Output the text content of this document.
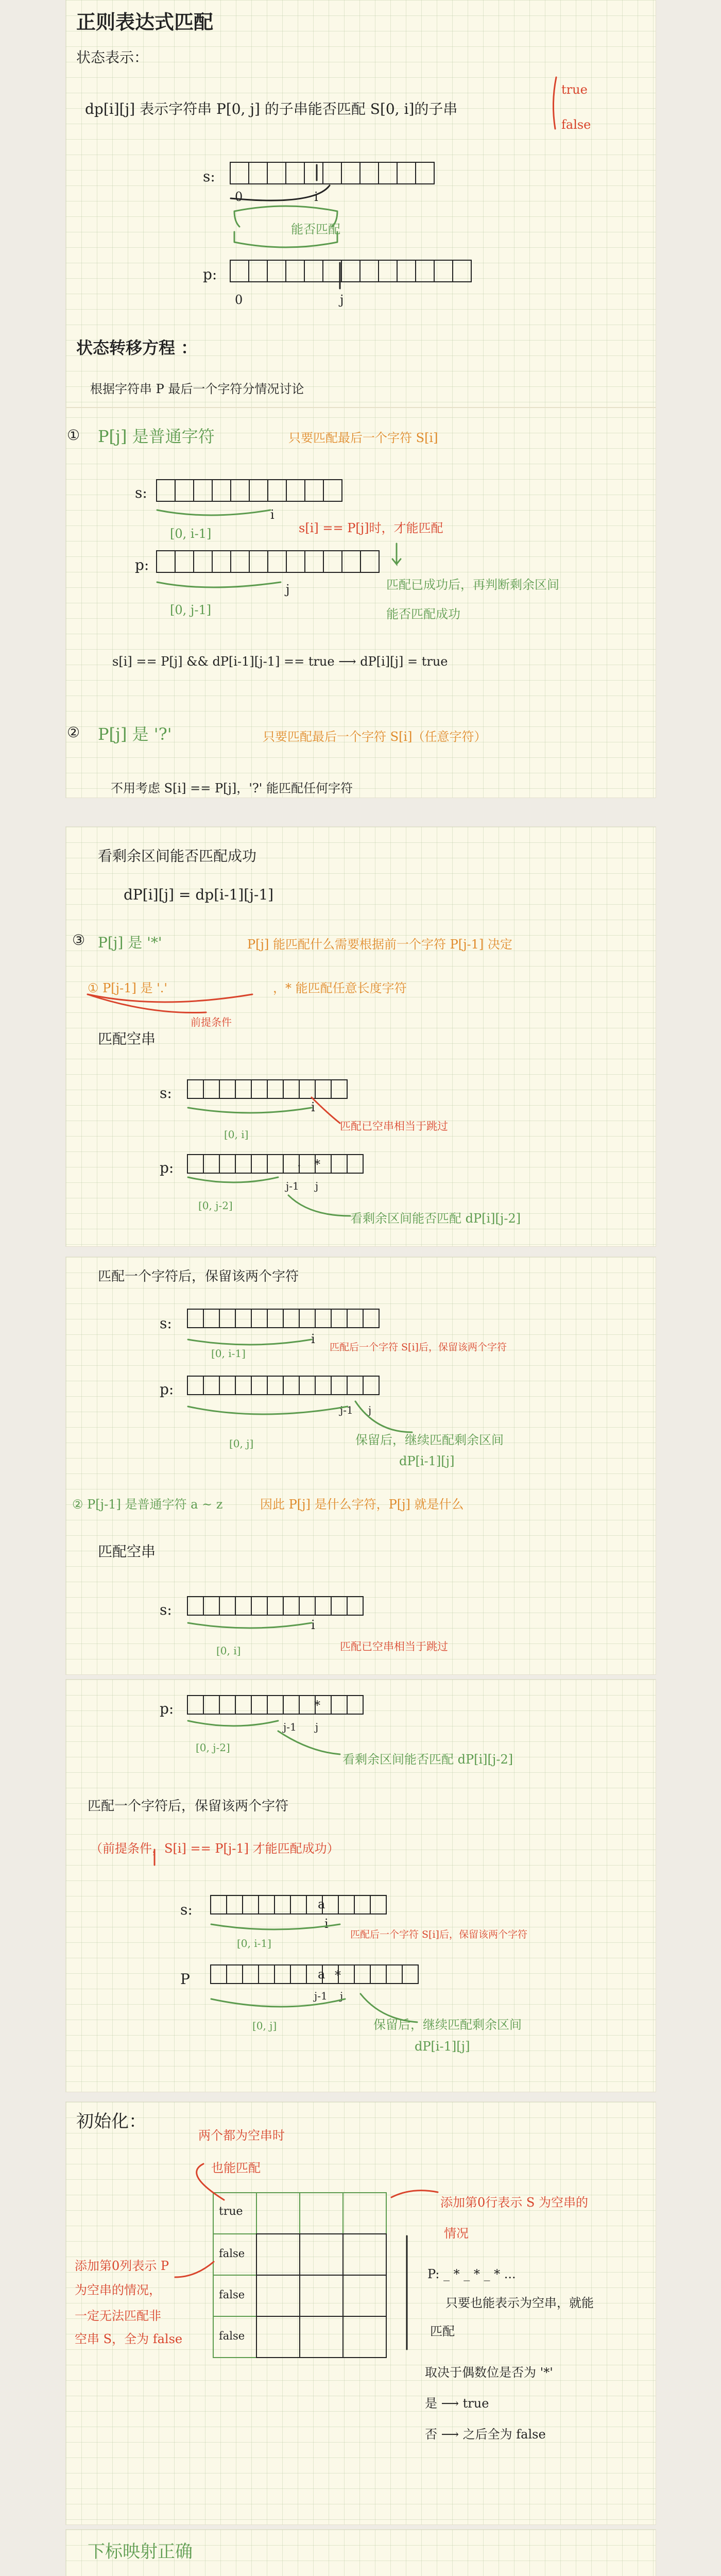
正则表达式匹配
状态表示：
dp[i][j] 表示字符串 P[0, j] 的子串能否匹配 S[0, i]的子串
true
false
s:
0	i
能否匹配
p:
0	j
状态转移方程 ：
根据字符串 P 最后一个字符分情况讨论
① P[j] 是普通字符	只要匹配最后一个字符 S[i]
s:
[0, i-1]
i
s[i] == P[j]时，才能匹配
p:
j
[0, j-1]
匹配已成功后，再判断剩余区间
能否匹配成功
s[i] == P[j] && dP[i-1][j-1] == true ⟶ dP[i][j] = true
② P[j] 是 '?'	只要匹配最后一个字符 S[i]（任意字符）
不用考虑 S[i] == P[j]，'?' 能匹配任何字符
看剩余区间能否匹配成功
dP[i][j] = dp[i-1][j-1]
③ P[j] 是 '*'	P[j] 能匹配什么需要根据前一个字符 P[j-1] 决定
① P[j-1] 是 '.'	，* 能匹配任意长度字符
前提条件
匹配空串
s:
i
匹配已空串相当于跳过
[0, i]
p:	. *
j-1 j
[0, j-2]
看剩余区间能否匹配 dP[i][j-2]
匹配一个字符后，保留该两个字符
s:
i
匹配后一个字符 S[i]后，保留该两个字符
[0, i-1]
p:
j-1 j
[0, j]	保留后，继续匹配剩余区间
dP[i-1][j]
② P[j-1] 是普通字符 a ~ z	因此 P[j] 是什么字符，P[j] 就是什么
匹配空串
s:
i
匹配已空串相当于跳过
[0, i]
p:	*
j-1 j
[0, j-2]
看剩余区间能否匹配 dP[i][j-2]
匹配一个字符后，保留该两个字符
（前提条件，S[i] == P[j-1] 才能匹配成功）
s:	a
i
匹配后一个字符 S[i]后，保留该两个字符
[0, i-1]
P	a *
j-1 j
[0, j]	保留后，继续匹配剩余区间
dP[i-1][j]
初始化：
两个都为空串时
也能匹配
true
false
false
false
添加第0行表示 S 为空串的
情况
添加第0列表示 P
为空串的情况，
一定无法匹配非
空串 S，全为 false
P: _ * _ * _ * ...
只要也能表示为空串，就能
匹配
取决于偶数位是否为 '*'
是 ⟶ true
否 ⟶ 之后全为 false
下标映射正确
